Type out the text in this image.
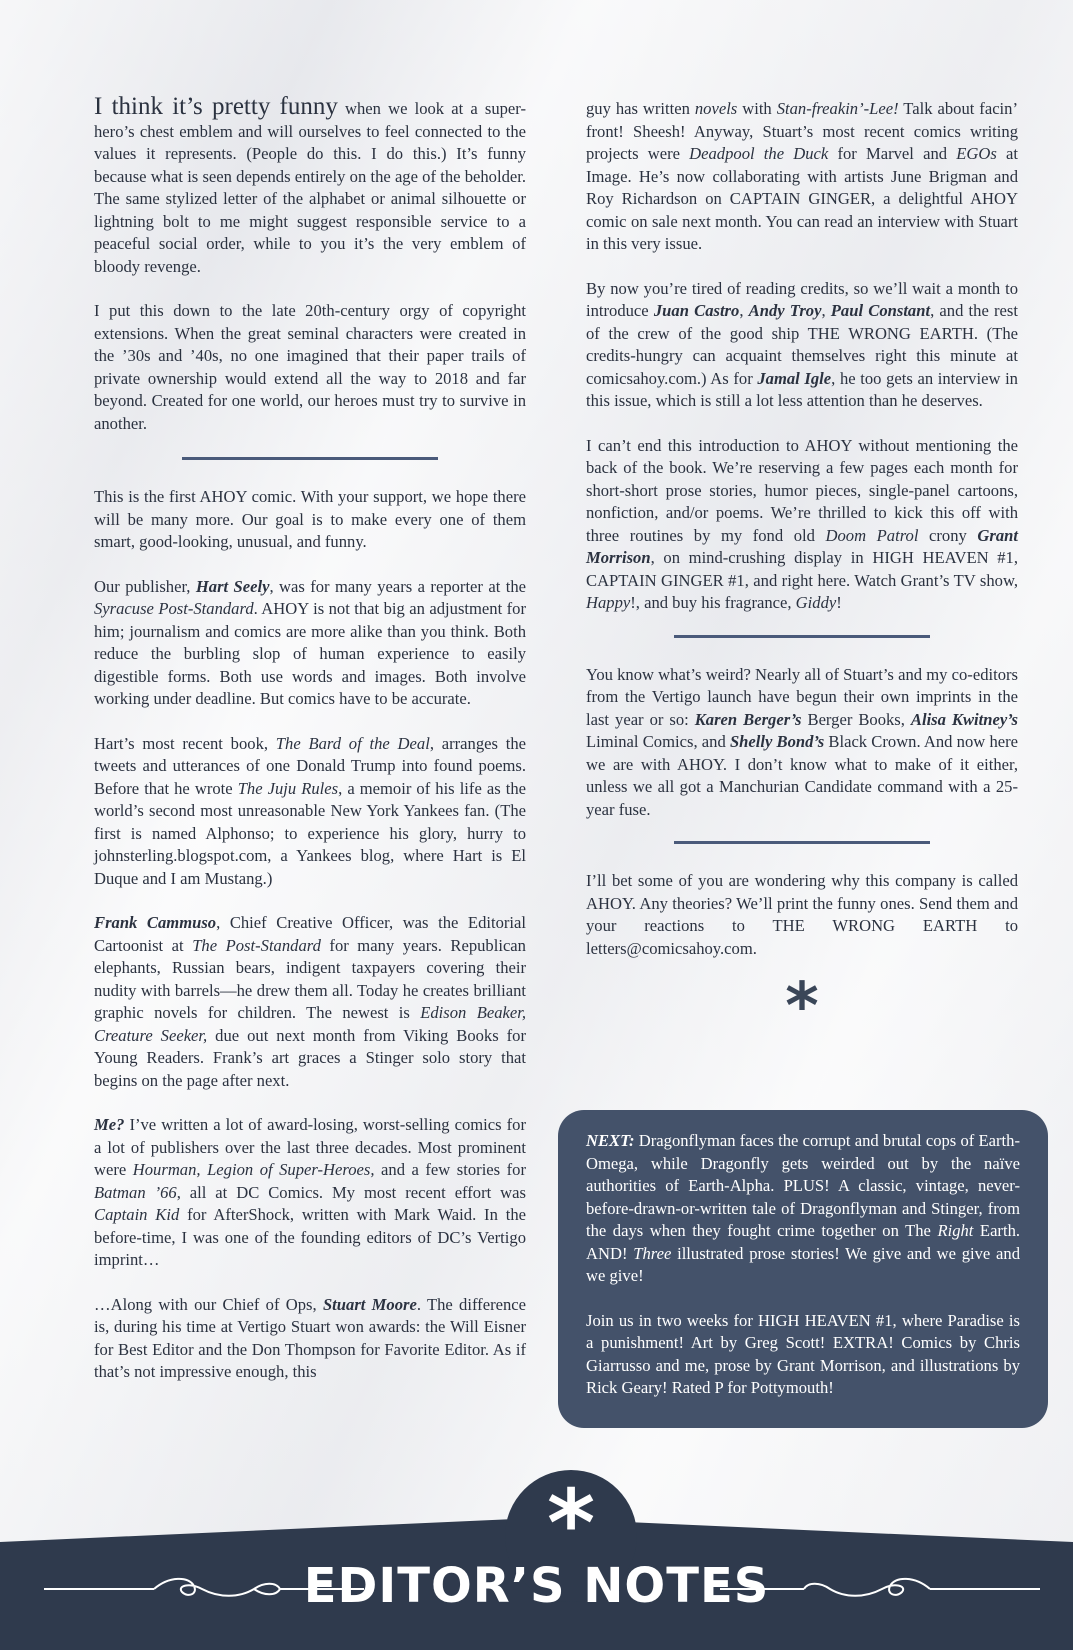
I think it’s pretty funny when we look at a super-hero’s chest emblem and will ourselves to feel connected to the values it represents. (People do this. I do this.) It’s funny because what is seen depends entirely on the age of the beholder. The same stylized letter of the alphabet or animal silhouette or lightning bolt to me might suggest responsible service to a peaceful social order, while to you it’s the very emblem of bloody revenge.

I put this down to the late 20th-century orgy of copyright extensions. When the great seminal characters were created in the ’30s and ’40s, no one imagined that their paper trails of private ownership would extend all the way to 2018 and far beyond. Created for one world, our heroes must try to survive in another.

This is the first AHOY comic. With your support, we hope there will be many more. Our goal is to make every one of them smart, good-looking, unusual, and funny.

Our publisher, Hart Seely, was for many years a reporter at the Syracuse Post-Standard. AHOY is not that big an adjustment for him; journalism and comics are more alike than you think. Both reduce the burbling slop of human experience to easily digestible forms. Both use words and images. Both involve working under deadline. But comics have to be accurate.

Hart’s most recent book, The Bard of the Deal, arranges the tweets and utterances of one Donald Trump into found poems. Before that he wrote The Juju Rules, a memoir of his life as the world’s second most unreasonable New York Yankees fan. (The first is named Alphonso; to experience his glory, hurry to johnsterling.blogspot.com, a Yankees blog, where Hart is El Duque and I am Mustang.)

Frank Cammuso, Chief Creative Officer, was the Editorial Cartoonist at The Post-Standard for many years. Republican elephants, Russian bears, indigent taxpayers covering their nudity with barrels—he drew them all. Today he creates brilliant graphic novels for children. The newest is Edison Beaker, Creature Seeker, due out next month from Viking Books for Young Readers. Frank’s art graces a Stinger solo story that begins on the page after next.

Me? I’ve written a lot of award-losing, worst-selling comics for a lot of publishers over the last three decades. Most prominent were Hourman, Legion of Super-Heroes, and a few stories for Batman ’66, all at DC Comics. My most recent effort was Captain Kid for AfterShock, written with Mark Waid. In the before-time, I was one of the founding editors of DC’s Vertigo imprint…

…Along with our Chief of Ops, Stuart Moore. The difference is, during his time at Vertigo Stuart won awards: the Will Eisner for Best Editor and the Don Thompson for Favorite Editor. As if that’s not impressive enough, this

guy has written novels with Stan-freakin’-Lee! Talk about facin’ front! Sheesh! Anyway, Stuart’s most recent comics writing projects were Deadpool the Duck for Marvel and EGOs at Image. He’s now collaborating with artists June Brigman and Roy Richardson on CAPTAIN GINGER, a delightful AHOY comic on sale next month. You can read an interview with Stuart in this very issue.

By now you’re tired of reading credits, so we’ll wait a month to introduce Juan Castro, Andy Troy, Paul Constant, and the rest of the crew of the good ship THE WRONG EARTH. (The credits-hungry can acquaint themselves right this minute at comicsahoy.com.) As for Jamal Igle, he too gets an interview in this issue, which is still a lot less attention than he deserves.

I can’t end this introduction to AHOY without mentioning the back of the book. We’re reserving a few pages each month for short-short prose stories, humor pieces, single-panel cartoons, nonfiction, and/or poems. We’re thrilled to kick this off with three routines by my fond old Doom Patrol crony Grant Morrison, on mind-crushing display in HIGH HEAVEN #1, CAPTAIN GINGER #1, and right here. Watch Grant’s TV show, Happy!, and buy his fragrance, Giddy!

You know what’s weird? Nearly all of Stuart’s and my co-editors from the Vertigo launch have begun their own imprints in the last year or so: Karen Berger’s Berger Books, Alisa Kwitney’s Liminal Comics, and Shelly Bond’s Black Crown. And now here we are with AHOY. I don’t know what to make of it either, unless we all got a Manchurian Candidate command with a 25-year fuse.

I’ll bet some of you are wondering why this company is called AHOY. Any theories? We’ll print the funny ones. Send them and your reactions to THE WRONG EARTH to letters@comicsahoy.com.

*

NEXT: Dragonflyman faces the corrupt and brutal cops of Earth-Omega, while Dragonfly gets weirded out by the naïve authorities of Earth-Alpha. PLUS! A classic, vintage, never-before-drawn-or-written tale of Dragonflyman and Stinger, from the days when they fought crime together on The Right Earth. AND! Three illustrated prose stories! We give and we give and we give!

Join us in two weeks for HIGH HEAVEN #1, where Paradise is a punishment! Art by Greg Scott! EXTRA! Comics by Chris Giarrusso and me, prose by Grant Morrison, and illustrations by Rick Geary! Rated P for Pottymouth!

*
EDITOR’S NOTES
